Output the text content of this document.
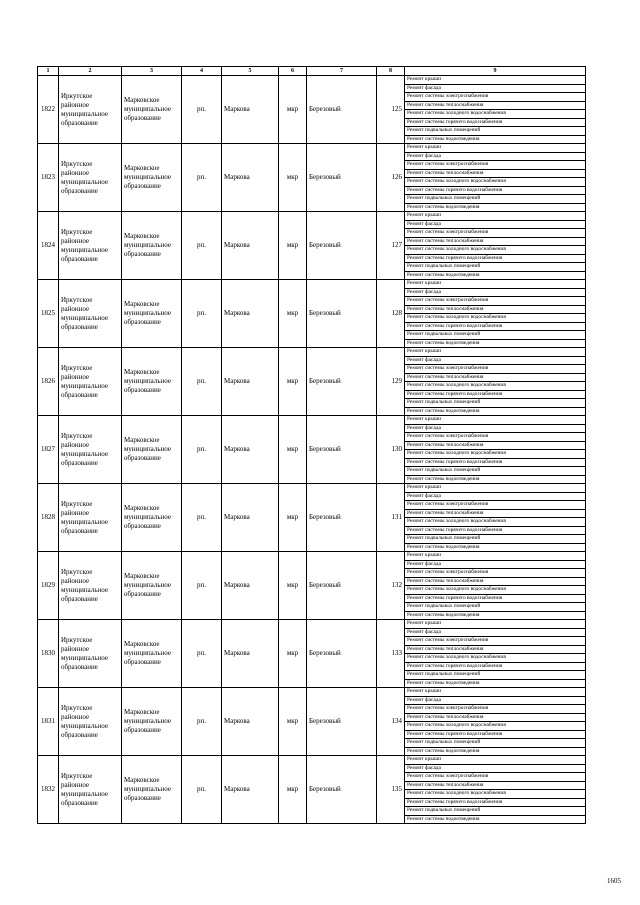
1	2	3	4	5	6	7	8	9
1822	Иркутское районное муниципальное образование	Марковское муниципальное образование	рп.	Маркова	мкр	Березовый	125	Ремонт крыши
								Ремонт фасада
								Ремонт системы электроснабжения
								Ремонт системы теплоснабжения
								Ремонт системы холодного водоснабжения
								Ремонт системы горячего водоснабжения
								Ремонт подвальных помещений
								Ремонт системы водоотведения
1823	Иркутское районное муниципальное образование	Марковское муниципальное образование	рп.	Маркова	мкр	Березовый	126	Ремонт крыши
								Ремонт фасада
								Ремонт системы электроснабжения
								Ремонт системы теплоснабжения
								Ремонт системы холодного водоснабжения
								Ремонт системы горячего водоснабжения
								Ремонт подвальных помещений
								Ремонт системы водоотведения
1824	Иркутское районное муниципальное образование	Марковское муниципальное образование	рп.	Маркова	мкр	Березовый	127	Ремонт крыши
								Ремонт фасада
								Ремонт системы электроснабжения
								Ремонт системы теплоснабжения
								Ремонт системы холодного водоснабжения
								Ремонт системы горячего водоснабжения
								Ремонт подвальных помещений
								Ремонт системы водоотведения
1825	Иркутское районное муниципальное образование	Марковское муниципальное образование	рп.	Маркова	мкр	Березовый	128	Ремонт крыши
								Ремонт фасада
								Ремонт системы электроснабжения
								Ремонт системы теплоснабжения
								Ремонт системы холодного водоснабжения
								Ремонт системы горячего водоснабжения
								Ремонт подвальных помещений
								Ремонт системы водоотведения
1826	Иркутское районное муниципальное образование	Марковское муниципальное образование	рп.	Маркова	мкр	Березовый	129	Ремонт крыши
								Ремонт фасада
								Ремонт системы электроснабжения
								Ремонт системы теплоснабжения
								Ремонт системы холодного водоснабжения
								Ремонт системы горячего водоснабжения
								Ремонт подвальных помещений
								Ремонт системы водоотведения
1827	Иркутское районное муниципальное образование	Марковское муниципальное образование	рп.	Маркова	мкр	Березовый	130	Ремонт крыши
								Ремонт фасада
								Ремонт системы электроснабжения
								Ремонт системы теплоснабжения
								Ремонт системы холодного водоснабжения
								Ремонт системы горячего водоснабжения
								Ремонт подвальных помещений
								Ремонт системы водоотведения
1828	Иркутское районное муниципальное образование	Марковское муниципальное образование	рп.	Маркова	мкр	Березовый	131	Ремонт крыши
								Ремонт фасада
								Ремонт системы электроснабжения
								Ремонт системы теплоснабжения
								Ремонт системы холодного водоснабжения
								Ремонт системы горячего водоснабжения
								Ремонт подвальных помещений
								Ремонт системы водоотведения
1829	Иркутское районное муниципальное образование	Марковское муниципальное образование	рп.	Маркова	мкр	Березовый	132	Ремонт крыши
								Ремонт фасада
								Ремонт системы электроснабжения
								Ремонт системы теплоснабжения
								Ремонт системы холодного водоснабжения
								Ремонт системы горячего водоснабжения
								Ремонт подвальных помещений
								Ремонт системы водоотведения
1830	Иркутское районное муниципальное образование	Марковское муниципальное образование	рп.	Маркова	мкр	Березовый	133	Ремонт крыши
								Ремонт фасада
								Ремонт системы электроснабжения
								Ремонт системы теплоснабжения
								Ремонт системы холодного водоснабжения
								Ремонт системы горячего водоснабжения
								Ремонт подвальных помещений
								Ремонт системы водоотведения
1831	Иркутское районное муниципальное образование	Марковское муниципальное образование	рп.	Маркова	мкр	Березовый	134	Ремонт крыши
								Ремонт фасада
								Ремонт системы электроснабжения
								Ремонт системы теплоснабжения
								Ремонт системы холодного водоснабжения
								Ремонт системы горячего водоснабжения
								Ремонт подвальных помещений
								Ремонт системы водоотведения
1832	Иркутское районное муниципальное образование	Марковское муниципальное образование	рп.	Маркова	мкр	Березовый	135	Ремонт крыши
								Ремонт фасада
								Ремонт системы электроснабжения
								Ремонт системы теплоснабжения
								Ремонт системы холодного водоснабжения
								Ремонт системы горячего водоснабжения
								Ремонт подвальных помещений
								Ремонт системы водоотведения
1605
